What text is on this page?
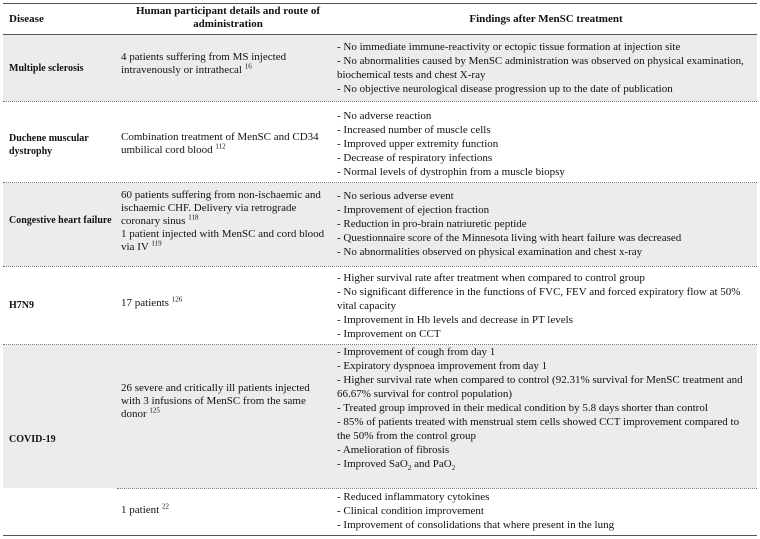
Disease
Human participant details and route of administration	Findings after MenSC treatment
Multiple sclerosis
4 patients suffering from MS injected intravenously or intrathecal $^{16}$
- No immediate immune-reactivity or ectopic tissue formation at injection site
- No abnormalities caused by MenSC administration was observed on physical examination, biochemical tests and chest X-ray
- No objective neurological disease progression up to the date of publication
Duchene muscular dystrophy
Combination treatment of MenSC and CD34 umbilical cord blood $^{112}$
- No adverse reaction
- Increased number of muscle cells
- Improved upper extremity function
- Decrease of respiratory infections
- Normal levels of dystrophin from a muscle biopsy
Congestive heart failure
60 patients suffering from non-ischaemic and ischaemic CHF. Delivery via retrograde coronary sinus $^{118}$
1 patient injected with MenSC and cord blood via IV $^{119}$
- No serious adverse event
- Improvement of ejection fraction
- Reduction in pro-brain natriuretic peptide
- Questionnaire score of the Minnesota living with heart failure was decreased
- No abnormalities observed on physical examination and chest x-ray
H7N9	17 patients $^{126}$
- Higher survival rate after treatment when compared to control group
- No significant difference in the functions of FVC, FEV and forced expiratory flow at 50% vital capacity
- Improvement in Hb levels and decrease in PT levels
- Improvement on CCT
26 severe and critically ill patients injected with 3 infusions of MenSC from the same donor $^{125}$
- Improvement of cough from day 1
- Expiratory dyspnoea improvement from day 1
- Higher survival rate when compared to control (92.31% survival for MenSC treatment and 66.67% survival for control population)
- Treated group improved in their medical condition by 5.8 days shorter than control
- 85% of patients treated with menstrual stem cells showed CCT improvement compared to the 50% from the control group
- Amelioration of fibrosis
- Improved SaO$_2$ and PaO$_2$
1 patient $^{22}$
- Reduced inflammatory cytokines
- Clinical condition improvement
- Improvement of consolidations that where present in the lung
COVID-19
